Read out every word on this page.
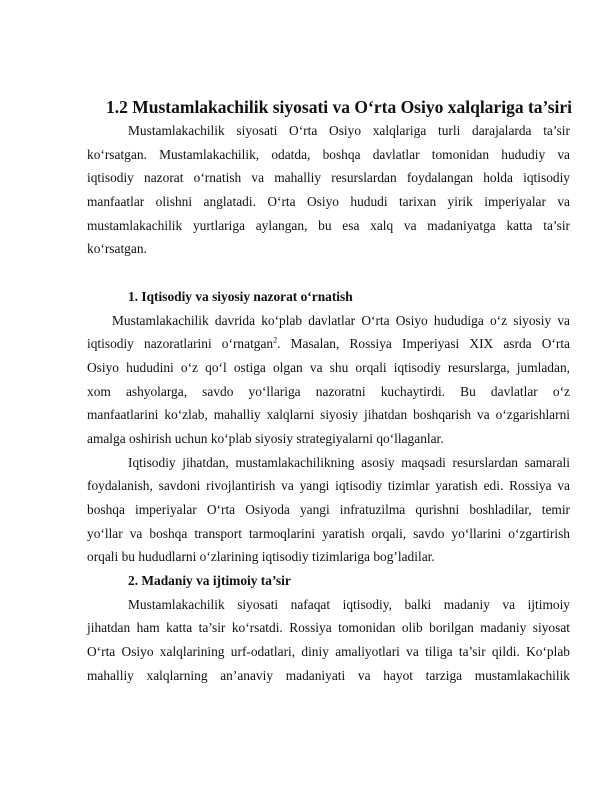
1.2 Mustamlakachilik siyosati va O‘rta Osiyo xalqlariga ta’siri
Mustamlakachilik siyosati O‘rta Osiyo xalqlariga turli darajalarda ta’sir
ko‘rsatgan. Mustamlakachilik, odatda, boshqa davlatlar tomonidan hududiy va
iqtisodiy nazorat o‘rnatish va mahalliy resurslardan foydalangan holda iqtisodiy
manfaatlar olishni anglatadi. O‘rta Osiyo hududi tarixan yirik imperiyalar va
mustamlakachilik yurtlariga aylangan, bu esa xalq va madaniyatga katta ta’sir
ko‘rsatgan.
1. Iqtisodiy va siyosiy nazorat o‘rnatish
Mustamlakachilik davrida ko‘plab davlatlar O‘rta Osiyo hududiga o‘z siyosiy va
iqtisodiy nazoratlarini o‘rnatgan$^2$. Masalan, Rossiya Imperiyasi XIX asrda O‘rta
Osiyo hududini o‘z qo‘l ostiga olgan va shu orqali iqtisodiy resurslarga, jumladan,
xom ashyolarga, savdo yo‘llariga nazoratni kuchaytirdi. Bu davlatlar o‘z
manfaatlarini ko‘zlab, mahalliy xalqlarni siyosiy jihatdan boshqarish va o‘zgarishlarni
amalga oshirish uchun ko‘plab siyosiy strategiyalarni qo‘llaganlar.
Iqtisodiy jihatdan, mustamlakachilikning asosiy maqsadi resurslardan samarali
foydalanish, savdoni rivojlantirish va yangi iqtisodiy tizimlar yaratish edi. Rossiya va
boshqa imperiyalar O‘rta Osiyoda yangi infratuzilma qurishni boshladilar, temir
yo‘llar va boshqa transport tarmoqlarini yaratish orqali, savdo yo‘llarini o‘zgartirish
orqali bu hududlarni o‘zlarining iqtisodiy tizimlariga bog’ladilar.
2. Madaniy va ijtimoiy ta’sir
Mustamlakachilik siyosati nafaqat iqtisodiy, balki madaniy va ijtimoiy
jihatdan ham katta ta’sir ko‘rsatdi. Rossiya tomonidan olib borilgan madaniy siyosat
O‘rta Osiyo xalqlarining urf-odatlari, diniy amaliyotlari va tiliga ta’sir qildi. Ko‘plab
mahalliy xalqlarning an’anaviy madaniyati va hayot tarziga mustamlakachilik
